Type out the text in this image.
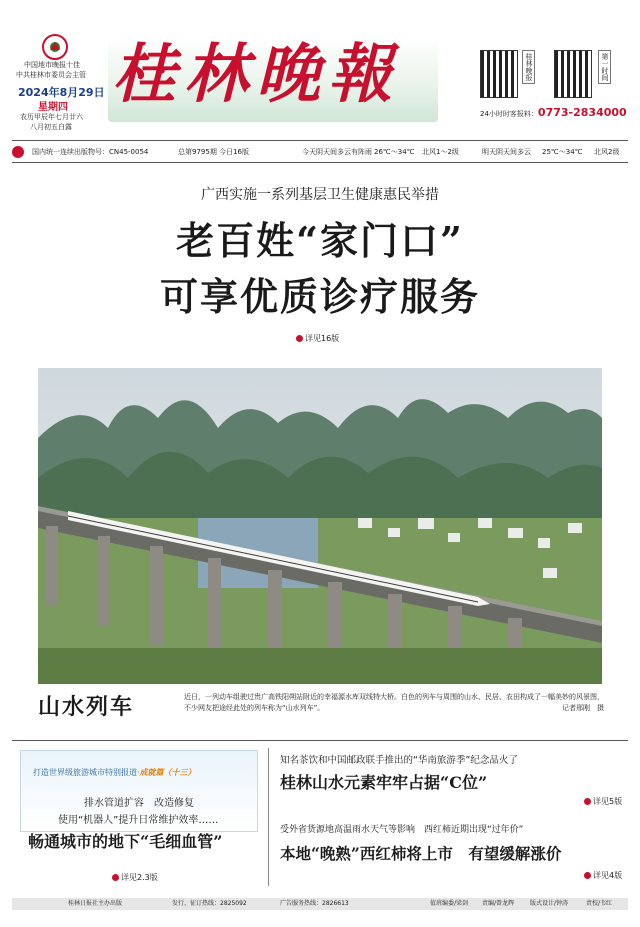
中国地市晚报十佳
中共桂林市委员会主管
2024年8月29日
星期四
农历甲辰年七月廿六
八月初五白露
桂林晚報	桂林晚报	第一时间
24小时时客报料：0773-2834000
国内统一连续出版物号：CN45-0054	总第9795期 今日16版	今天阴天间多云有阵雨 26℃～34℃ 北风1～2级	明天阴天间多云 25℃～34℃ 北风2级
广西实施一系列基层卫生健康惠民举措
老百姓“家门口”
可享优质诊疗服务
详见16版
山水列车	近日，一列动车组驶过贵广高铁阳朔站附近的幸福源水库双线特大桥。白色的列车与周围的山水、民居、农田构成了一幅美妙的风景图，不少网友把途经此处的列车称为“山水列车”。	记者邢刚　摄
打造世界级旅游城市特别报道·成就篇（十三）
排水管道扩容　改造修复
使用“机器人”提升日常维护效率……
畅通城市的地下“毛细血管”
详见2.3版
知名茶饮和中国邮政联手推出的“华南旅游季”纪念品火了
桂林山水元素牢牢占据“C位”
详见5版
受外省货源地高温雨水天气等影响　西红柿近期出现“过年价”
本地“晚熟”西红柿将上市　有望缓解涨价
详见4版
桂林日报社主办出版	发行、征订热线：2825092	广告服务热线：2826613	值班编委/梁剑 责编/曾龙辉	版式设计/钟涛	责校/韦红
